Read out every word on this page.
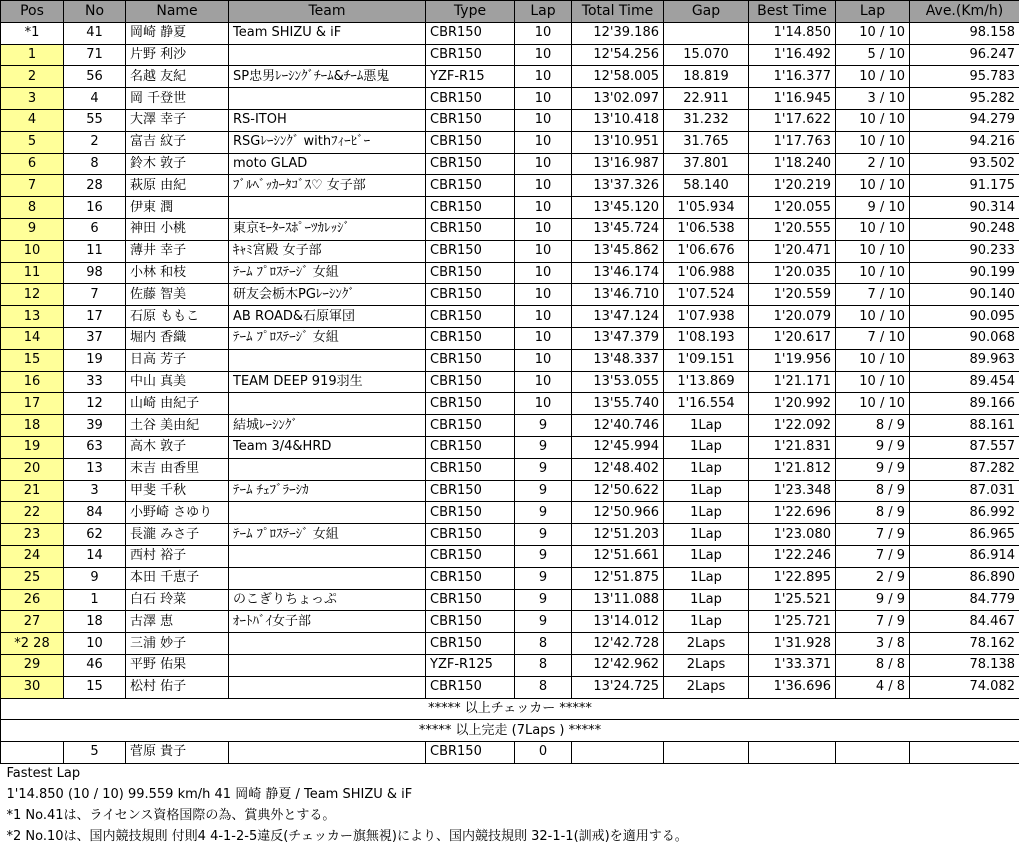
Pos	No	Name	Team	Type	Lap	Total Time	Gap	Best Time	Lap	Ave.(Km/h)
*1	41	岡崎 静夏	Team SHIZU & iF	CBR150	10	12'39.186		1'14.850	10 / 10	98.158
1	71	片野 利沙		CBR150	10	12'54.256	15.070	1'16.492	5 / 10	96.247
2	56	名越 友紀	SP忠男ﾚｰｼﾝｸﾞﾁｰﾑ&ﾁｰﾑ悪鬼	YZF-R15	10	12'58.005	18.819	1'16.377	10 / 10	95.783
3	4	岡 千登世		CBR150	10	13'02.097	22.911	1'16.945	3 / 10	95.282
4	55	大澤 幸子	RS-ITOH	CBR150	10	13'10.418	31.232	1'17.622	10 / 10	94.279
5	2	富吉 紋子	RSGﾚｰｼﾝｸﾞ withﾌｨｰﾋﾞｰ	CBR150	10	13'10.951	31.765	1'17.763	10 / 10	94.216
6	8	鈴木 敦子	moto GLAD	CBR150	10	13'16.987	37.801	1'18.240	2 / 10	93.502
7	28	萩原 由紀	ﾌﾞﾙﾍﾞｯｶｰﾀｺﾞｽ♡ 女子部	CBR150	10	13'37.326	58.140	1'20.219	10 / 10	91.175
8	16	伊東 潤		CBR150	10	13'45.120	1'05.934	1'20.055	9 / 10	90.314
9	6	神田 小桃	東京ﾓｰﾀｰｽﾎﾟｰﾂｶﾚｯｼﾞ	CBR150	10	13'45.724	1'06.538	1'20.555	10 / 10	90.248
10	11	薄井 幸子	ｷｬﾐ宮殿 女子部	CBR150	10	13'45.862	1'06.676	1'20.471	10 / 10	90.233
11	98	小林 和枝	ﾃｰﾑ ﾌﾟﾛｽﾃｰｼﾞ 女組	CBR150	10	13'46.174	1'06.988	1'20.035	10 / 10	90.199
12	7	佐藤 智美	研友会栃木PGﾚｰｼﾝｸﾞ	CBR150	10	13'46.710	1'07.524	1'20.559	7 / 10	90.140
13	17	石原 ももこ	AB ROAD&石原軍団	CBR150	10	13'47.124	1'07.938	1'20.079	10 / 10	90.095
14	37	堀内 香織	ﾃｰﾑ ﾌﾟﾛｽﾃｰｼﾞ 女組	CBR150	10	13'47.379	1'08.193	1'20.617	7 / 10	90.068
15	19	日高 芳子		CBR150	10	13'48.337	1'09.151	1'19.956	10 / 10	89.963
16	33	中山 真美	TEAM DEEP 919羽生	CBR150	10	13'53.055	1'13.869	1'21.171	10 / 10	89.454
17	12	山崎 由紀子		CBR150	10	13'55.740	1'16.554	1'20.992	10 / 10	89.166
18	39	土谷 美由紀	結城ﾚｰｼﾝｸﾞ	CBR150	9	12'40.746	1Lap	1'22.092	8 / 9	88.161
19	63	高木 敦子	Team 3/4&HRD	CBR150	9	12'45.994	1Lap	1'21.831	9 / 9	87.557
20	13	末吉 由香里		CBR150	9	12'48.402	1Lap	1'21.812	9 / 9	87.282
21	3	甲斐 千秋	ﾃｰﾑ ﾁｪﾌﾞﾗｰｼｶ	CBR150	9	12'50.622	1Lap	1'23.348	8 / 9	87.031
22	84	小野崎 さゆり		CBR150	9	12'50.966	1Lap	1'22.696	8 / 9	86.992
23	62	長瀧 みさ子	ﾃｰﾑ ﾌﾟﾛｽﾃｰｼﾞ 女組	CBR150	9	12'51.203	1Lap	1'23.080	7 / 9	86.965
24	14	西村 裕子		CBR150	9	12'51.661	1Lap	1'22.246	7 / 9	86.914
25	9	本田 千恵子		CBR150	9	12'51.875	1Lap	1'22.895	2 / 9	86.890
26	1	白石 玲菜	のこぎりちょっぷ	CBR150	9	13'11.088	1Lap	1'25.521	9 / 9	84.779
27	18	古澤 恵	ｵｰﾄﾊﾞｲ女子部	CBR150	9	13'14.012	1Lap	1'25.721	7 / 9	84.467
*2 28	10	三浦 妙子		CBR150	8	12'42.728	2Laps	1'31.928	3 / 8	78.162
29	46	平野 佑果		YZF-R125	8	12'42.962	2Laps	1'33.371	8 / 8	78.138
30	15	松村 佑子		CBR150	8	13'24.725	2Laps	1'36.696	4 / 8	74.082
***** 以上チェッカー *****										
***** 以上完走 (7Laps ) *****										
	5	菅原 貴子		CBR150	0					
Fastest Lap										
1'14.850 (10 / 10) 99.559 km/h 41 岡崎 静夏 / Team SHIZU & iF										
*1 No.41は、ライセンス資格国際の為、賞典外とする。										
*2 No.10は、国内競技規則 付則4 4-1-2-5違反(チェッカー旗無視)により、国内競技規則 32-1-1(訓戒)を適用する。										
